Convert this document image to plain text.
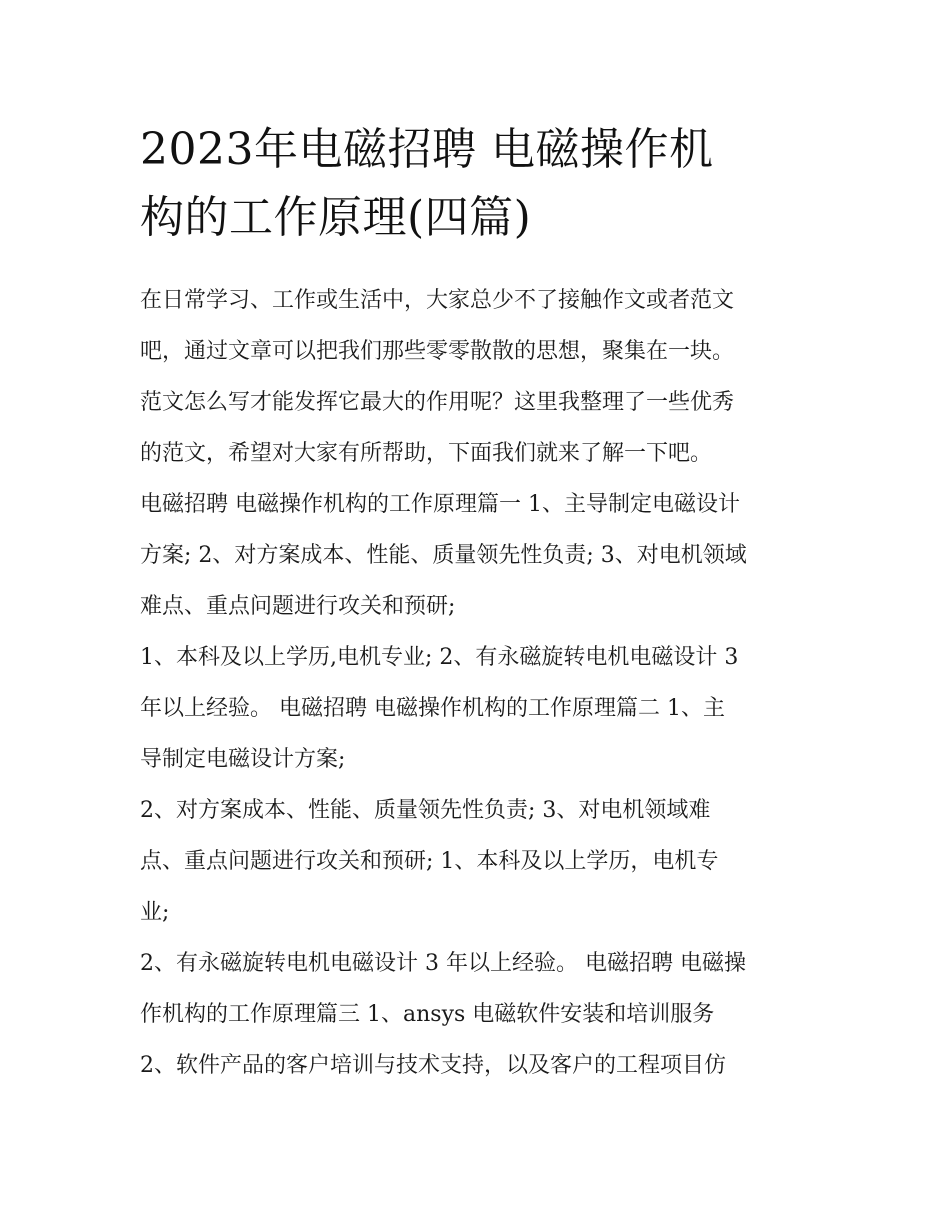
2023年电磁招聘 电磁操作机
构的工作原理(四篇)
在日常学习、工作或生活中，大家总少不了接触作文或者范文
吧，通过文章可以把我们那些零零散散的思想，聚集在一块。
范文怎么写才能发挥它最大的作用呢？这里我整理了一些优秀
的范文，希望对大家有所帮助，下面我们就来了解一下吧。
电磁招聘 电磁操作机构的工作原理篇一 1、主导制定电磁设计
方案; 2、对方案成本、性能、质量领先性负责; 3、对电机领域
难点、重点问题进行攻关和预研;
1、本科及以上学历,电机专业; 2、有永磁旋转电机电磁设计 3
年以上经验。 电磁招聘 电磁操作机构的工作原理篇二 1、主
导制定电磁设计方案;
2、对方案成本、性能、质量领先性负责; 3、对电机领域难
点、重点问题进行攻关和预研; 1、本科及以上学历，电机专
业;
2、有永磁旋转电机电磁设计 3 年以上经验。 电磁招聘 电磁操
作机构的工作原理篇三 1、ansys 电磁软件安装和培训服务
2、软件产品的客户培训与技术支持，以及客户的工程项目仿
